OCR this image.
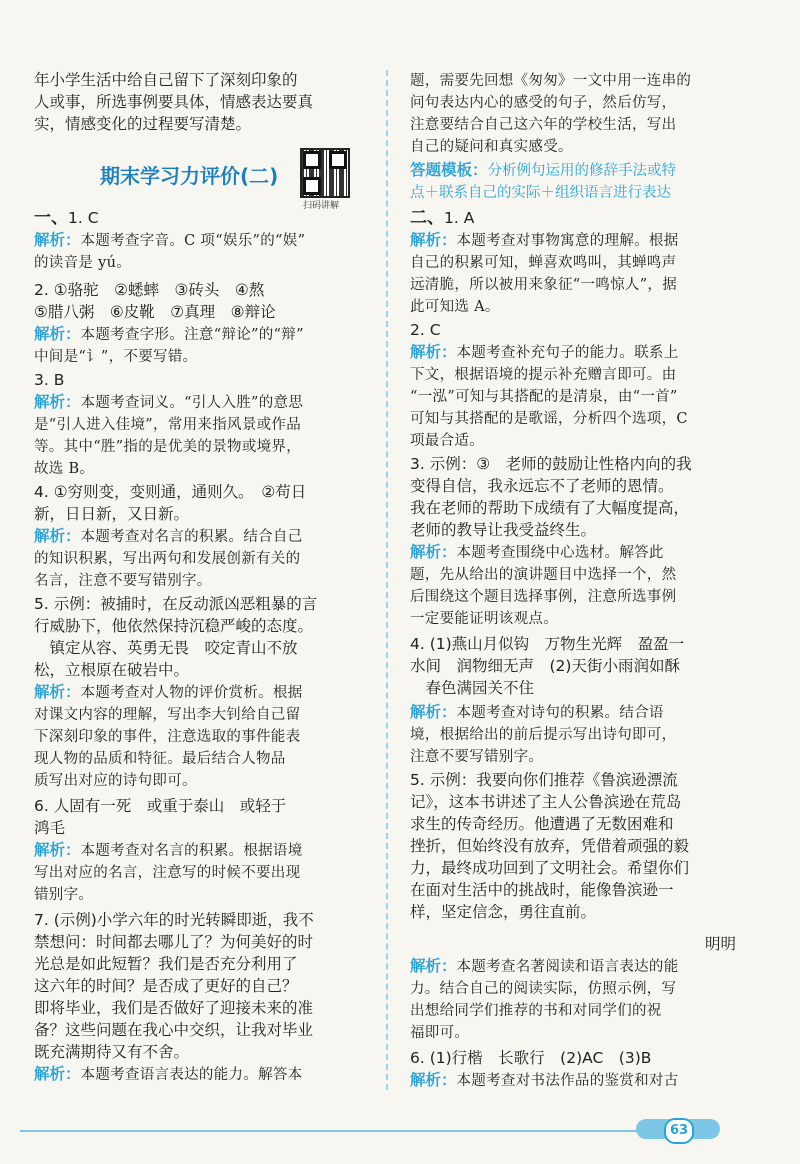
年小学生活中给自己留下了深刻印象的
人或事，所选事例要具体，情感表达要真
实，情感变化的过程要写清楚。
一、1. C
解析：本题考查字音。C 项“娱乐”的“娱”
的读音是 yú。
2. ①骆驼　②蟋蟀　③砖头　④熬
⑤腊八粥　⑥皮靴　⑦真理　⑧辩论
解析：本题考查字形。注意“辩论”的“辩”
中间是“讠”，不要写错。
3. B
解析：本题考查词义。“引人入胜”的意思
是“引人进入佳境”，常用来指风景或作品
等。其中“胜”指的是优美的景物或境界，
故选 B。
4. ①穷则变，变则通，通则久。　②苟日
新，日日新，又日新。
解析：本题考查对名言的积累。结合自己
的知识积累，写出两句和发展创新有关的
名言，注意不要写错别字。
5. 示例：被捕时，在反动派凶恶粗暴的言
行威胁下，他依然保持沉稳严峻的态度。
　镇定从容、英勇无畏　咬定青山不放
松，立根原在破岩中。
解析：本题考查对人物的评价赏析。根据
对课文内容的理解，写出李大钊给自己留
下深刻印象的事件，注意选取的事件能表
现人物的品质和特征。最后结合人物品
质写出对应的诗句即可。
6. 人固有一死　或重于泰山　或轻于
鸿毛
解析：本题考查对名言的积累。根据语境
写出对应的名言，注意写的时候不要出现
错别字。
7. (示例)小学六年的时光转瞬即逝，我不
禁想问：时间都去哪儿了？为何美好的时
光总是如此短暂？我们是否充分利用了
这六年的时间？是否成了更好的自己？
即将毕业，我们是否做好了迎接未来的准
备？这些问题在我心中交织，让我对毕业
既充满期待又有不舍。
解析：本题考查语言表达的能力。解答本
题，需要先回想《匆匆》一文中用一连串的
问句表达内心的感受的句子，然后仿写，
注意要结合自己这六年的学校生活，写出
自己的疑问和真实感受。
答题模板：分析例句运用的修辞手法或特
点＋联系自己的实际＋组织语言进行表达
二、1. A
解析：本题考查对事物寓意的理解。根据
自己的积累可知，蝉喜欢鸣叫，其蝉鸣声
远清脆，所以被用来象征“一鸣惊人”，据
此可知选 A。
2. C
解析：本题考查补充句子的能力。联系上
下文，根据语境的提示补充赠言即可。由
“一泓”可知与其搭配的是清泉，由“一首”
可知与其搭配的是歌谣，分析四个选项，C
项最合适。
3. 示例：③　老师的鼓励让性格内向的我
变得自信，我永远忘不了老师的恩情。
我在老师的帮助下成绩有了大幅度提高，
老师的教导让我受益终生。
解析：本题考查围绕中心选材。解答此
题，先从给出的演讲题目中选择一个，然
后围绕这个题目选择事例，注意所选事例
一定要能证明该观点。
4. (1)燕山月似钩　万物生光辉　盈盈一
水间　润物细无声　(2)天街小雨润如酥
　春色满园关不住
解析：本题考查对诗句的积累。结合语
境，根据给出的前后提示写出诗句即可，
注意不要写错别字。
5. 示例：我要向你们推荐《鲁滨逊漂流
记》，这本书讲述了主人公鲁滨逊在荒岛
求生的传奇经历。他遭遇了无数困难和
挫折，但始终没有放弃，凭借着顽强的毅
力，最终成功回到了文明社会。希望你们
在面对生活中的挑战时，能像鲁滨逊一
样，坚定信念，勇往直前。
明明
解析：本题考查名著阅读和语言表达的能
力。结合自己的阅读实际，仿照示例，写
出想给同学们推荐的书和对同学们的祝
福即可。
6. (1)行楷　长歌行　(2)AC　(3)B
解析：本题考查对书法作品的鉴赏和对古
期末学习力评价(二)
扫码讲解
63
